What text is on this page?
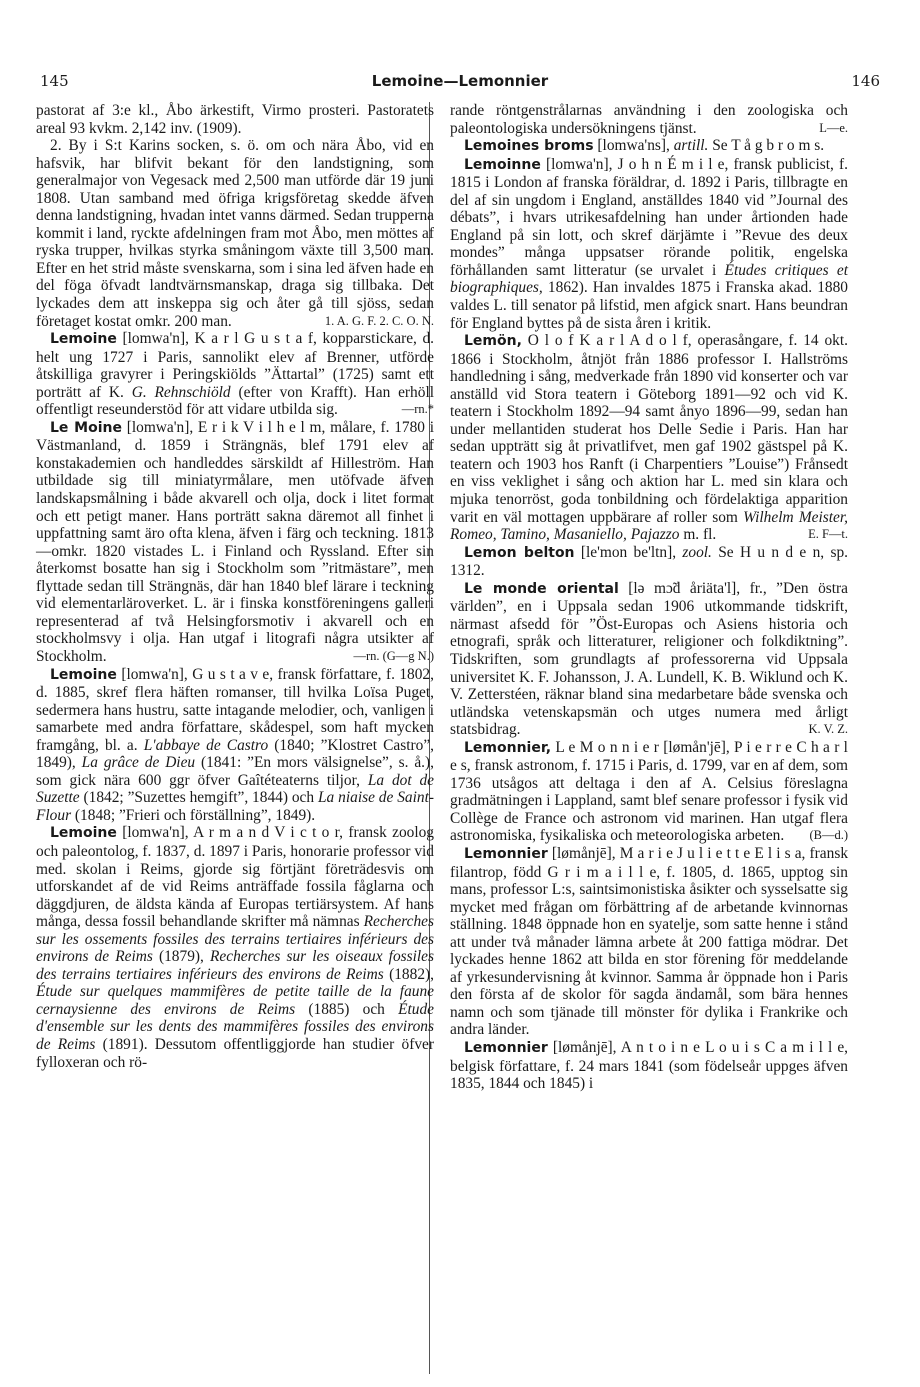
145	Lemoine—Lemonnier	146

pastorat af 3:e kl., Åbo ärkestift, Virmo prosteri. Pastoratets areal 93 kvkm. 2,142 inv. (1909).

2. By i S:t Karins socken, s. ö. om och nära Åbo, vid en hafsvik, har blifvit bekant för den landstigning, som generalmajor von Vegesack med 2,500 man utförde där 19 juni 1808. Utan samband med öfriga krigsföretag skedde äfven denna landstigning, hvadan intet vanns därmed. Sedan trupperna kommit i land, ryckte afdelningen fram mot Åbo, men möttes af ryska trupper, hvilkas styrka småningom växte till 3,500 man. Efter en het strid måste svenskarna, som i sina led äfven hade en del föga öfvadt landtvärnsmanskap, draga sig tillbaka. Det lyckades dem att inskeppa sig och åter gå till sjöss, sedan företaget kostat omkr. 200 man.	1. A. G. F. 2. C. O. N.

Lemoine [lomwa'n], K a r l G u s t a f, kopparstickare, d. helt ung 1727 i Paris, sannolikt elev af Brenner, utförde åtskilliga gravyrer i Peringskiölds ”Ättartal” (1725) samt ett porträtt af K. G. Rehnschiöld (efter von Krafft). Han erhöll offentligt reseunderstöd för att vidare utbilda sig.	—rn.*

Le Moine [lomwa'n], E r i k V i l h e l m, målare, f. 1780 i Västmanland, d. 1859 i Strängnäs, blef 1791 elev af konstakademien och handleddes särskildt af Hilleström. Han utbildade sig till miniatyrmålare, men utöfvade äfven landskapsmålning i både akvarell och olja, dock i litet format och ett petigt maner. Hans porträtt sakna däremot all finhet i uppfattning samt äro ofta klena, äfven i färg och teckning. 1813—omkr. 1820 vistades L. i Finland och Ryssland. Efter sin återkomst bosatte han sig i Stockholm som ”ritmästare”, men flyttade sedan till Strängnäs, där han 1840 blef lärare i teckning vid elementarläroverket. L. är i finska konstföreningens galleri representerad af två Helsingforsmotiv i akvarell och en stockholmsvy i olja. Han utgaf i litografi några utsikter af Stockholm.	—rn. (G—g N.)

Lemoine [lomwa'n], G u s t a v e, fransk författare, f. 1802, d. 1885, skref flera häften romanser, till hvilka Loïsa Puget, sedermera hans hustru, satte intagande melodier, och, vanligen i samarbete med andra författare, skådespel, som haft mycken framgång, bl. a. L'abbaye de Castro (1840; ”Klostret Castro”, 1849), La grâce de Dieu (1841: ”En mors välsignelse”, s. å.), som gick nära 600 ggr öfver Gaîtéteaterns tiljor, La dot de Suzette (1842; ”Suzettes hemgift”, 1844) och La niaise de Saint-Flour (1848; ”Frieri och förställning”, 1849).

Lemoine [lomwa'n], A r m a n d V i c t o r, fransk zoolog och paleontolog, f. 1837, d. 1897 i Paris, honorarie professor vid med. skolan i Reims, gjorde sig förtjänt företrädesvis om utforskandet af de vid Reims anträffade fossila fåglarna och däggdjuren, de äldsta kända af Europas tertiärsystem. Af hans många, dessa fossil behandlande skrifter må nämnas Recherches sur les ossements fossiles des terrains tertiaires inférieurs des environs de Reims (1879), Recherches sur les oiseaux fossiles des terrains tertiaires inférieurs des environs de Reims (1882), Étude sur quelques mammifères de petite taille de la faune cernaysienne des environs de Reims (1885) och Étude d'ensemble sur les dents des mammifères fossiles des environs de Reims (1891). Dessutom offentliggjorde han studier öfver fylloxeran och rö-

rande röntgenstrålarnas användning i den zoologiska och paleontologiska undersökningens tjänst.	L—e.

Lemoines broms [lomwa'ns], artill. Se T å g b r o m s.

Lemoinne [lomwa'n], J o h n É m i l e, fransk publicist, f. 1815 i London af franska föräldrar, d. 1892 i Paris, tillbragte en del af sin ungdom i England, anställdes 1840 vid ”Journal des débats”, i hvars utrikesafdelning han under årtionden hade England på sin lott, och skref därjämte i ”Revue des deux mondes” många uppsatser rörande politik, engelska förhållanden samt litteratur (se urvalet i Études critiques et biographiques, 1862). Han invaldes 1875 i Franska akad. 1880 valdes L. till senator på lifstid, men afgick snart. Hans beundran för England byttes på de sista åren i kritik.

Lemön, O l o f K a r l A d o l f, operasångare, f. 14 okt. 1866 i Stockholm, åtnjöt från 1886 professor I. Hallströms handledning i sång, medverkade från 1890 vid konserter och var anställd vid Stora teatern i Göteborg 1891—92 och vid K. teatern i Stockholm 1892—94 samt ånyo 1896—99, sedan han under mellantiden studerat hos Delle Sedie i Paris. Han har sedan uppträtt sig åt privatlifvet, men gaf 1902 gästspel på K. teatern och 1903 hos Ranft (i Charpentiers ”Louise”) Frånsedt en viss veklighet i sång och aktion har L. med sin klara och mjuka tenorröst, goda tonbildning och fördelaktiga apparition varit en väl mottagen uppbärare af roller som Wilhelm Meister, Romeo, Tamino, Masaniello, Pajazzo m. fl.	E. F—t.

Lemon belton [le'mon be'ltn], zool. Se H u n d e n, sp. 1312.

Le monde oriental [lə mɔ̃d åriäta'l], fr., ”Den östra världen”, en i Uppsala sedan 1906 utkommande tidskrift, närmast afsedd för ”Öst-Europas och Asiens historia och etnografi, språk och litteraturer, religioner och folkdiktning”. Tidskriften, som grundlagts af professorerna vid Uppsala universitet K. F. Johansson, J. A. Lundell, K. B. Wiklund och K. V. Zetterstéen, räknar bland sina medarbetare både svenska och utländska vetenskapsmän och utges numera med årligt statsbidrag.	K. V. Z.

Lemonnier, L e M o n n i e r [lømån'jē], P i e r r e C h a r l e s, fransk astronom, f. 1715 i Paris, d. 1799, var en af dem, som 1736 utsågos att deltaga i den af A. Celsius föreslagna gradmätningen i Lappland, samt blef senare professor i fysik vid Collège de France och astronom vid marinen. Han utgaf flera astronomiska, fysikaliska och meteorologiska arbeten.	(B—d.)

Lemonnier [lømånjē], M a r i e J u l i e t t e E l i s a, fransk filantrop, född G r i m a i l l e, f. 1805, d. 1865, upptog sin mans, professor L:s, saintsimonistiska åsikter och sysselsatte sig mycket med frågan om förbättring af de arbetande kvinnornas ställning. 1848 öppnade hon en syatelje, som satte henne i stånd att under två månader lämna arbete åt 200 fattiga mödrar. Det lyckades henne 1862 att bilda en stor förening för meddelande af yrkesundervisning åt kvinnor. Samma år öppnade hon i Paris den första af de skolor för sagda ändamål, som bära hennes namn och som tjänade till mönster för dylika i Frankrike och andra länder.

Lemonnier [lømånjē], A n t o i n e L o u i s C a m i l l e, belgisk författare, f. 24 mars 1841 (som födelseår uppges äfven 1835, 1844 och 1845) i
